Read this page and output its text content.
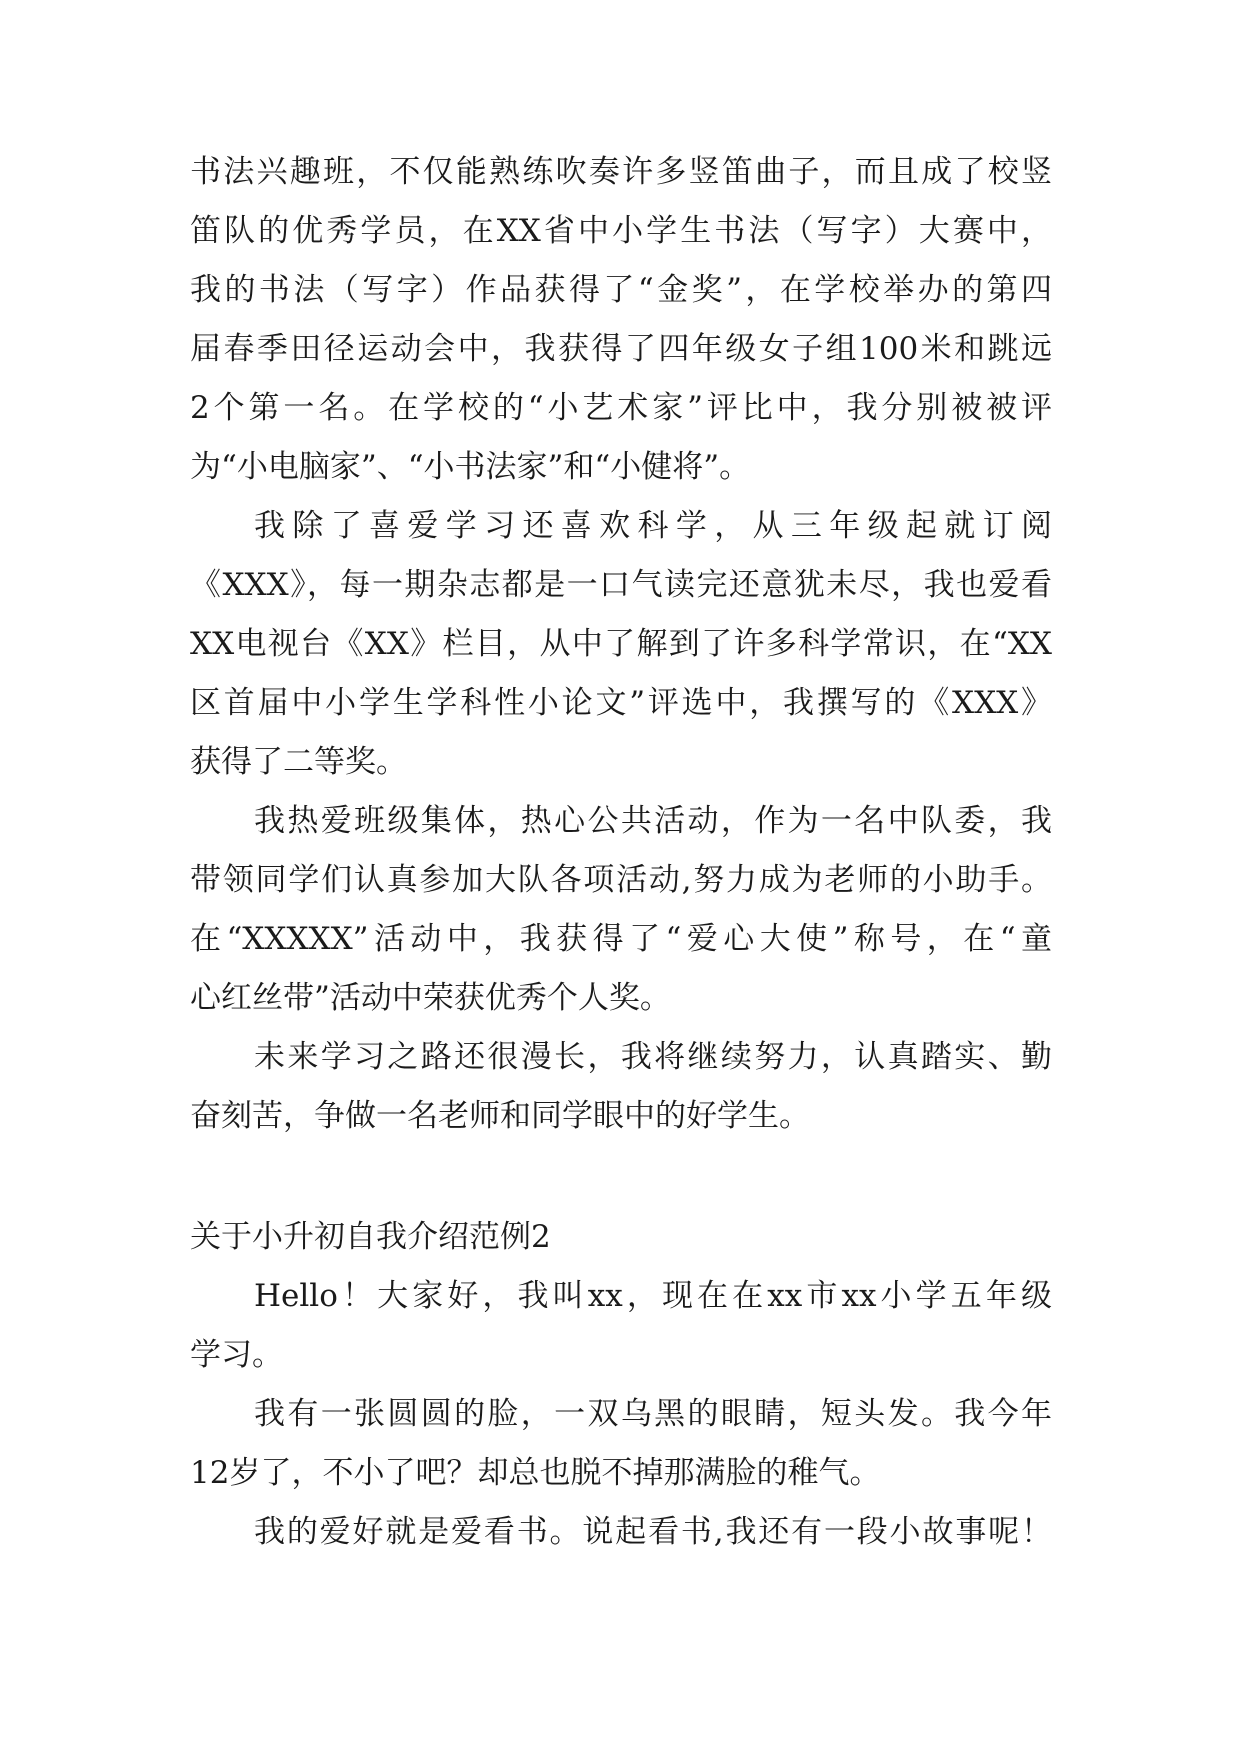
书法兴趣班，不仅能熟练吹奏许多竖笛曲子，而且成了校竖
笛队的优秀学员，在XX省中小学生书法（写字）大赛中，
我的书法（写字）作品获得了“金奖”，在学校举办的第四
届春季田径运动会中，我获得了四年级女子组100米和跳远
2个第一名。在学校的“小艺术家”评比中，我分别被被评
为“小电脑家”、“小书法家”和“小健将”。
我除了喜爱学习还喜欢科学，从三年级起就订阅
《XXX》，每一期杂志都是一口气读完还意犹未尽，我也爱看
XX电视台《XX》栏目，从中了解到了许多科学常识，在“XX
区首届中小学生学科性小论文”评选中，我撰写的《XXX》
获得了二等奖。
我热爱班级集体，热心公共活动，作为一名中队委，我
带领同学们认真参加大队各项活动,努力成为老师的小助手。
在“XXXXX”活动中，我获得了“爱心大使”称号，在“童
心红丝带”活动中荣获优秀个人奖。
未来学习之路还很漫长，我将继续努力，认真踏实、勤
奋刻苦，争做一名老师和同学眼中的好学生。
关于小升初自我介绍范例2
Hello！大家好，我叫xx，现在在xx市xx小学五年级
学习。
我有一张圆圆的脸，一双乌黑的眼睛，短头发。我今年
12岁了，不小了吧？却总也脱不掉那满脸的稚气。
我的爱好就是爱看书。说起看书,我还有一段小故事呢！
